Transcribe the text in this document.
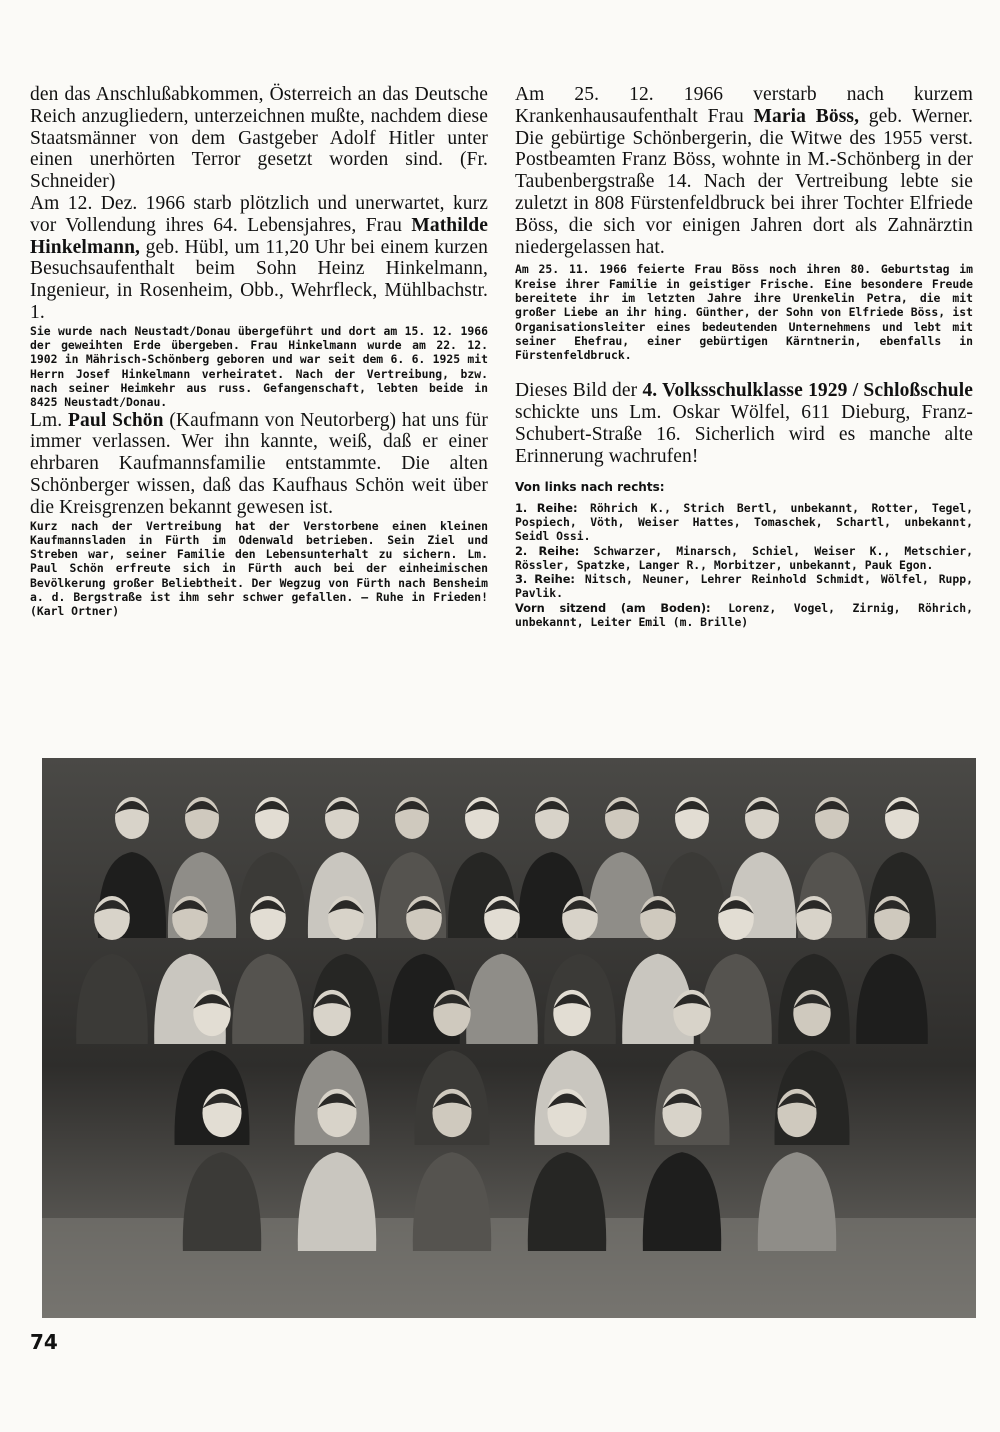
den das Anschlußabkommen, Österreich an das Deutsche Reich anzugliedern, unterzeichnen mußte, nachdem diese Staatsmänner von dem Gastgeber Adolf Hitler unter einen unerhörten Terror gesetzt worden sind. (Fr. Schneider)

Am 12. Dez. 1966 starb plötzlich und unerwartet, kurz vor Vollendung ihres 64. Lebensjahres, Frau Mathilde Hinkelmann, geb. Hübl, um 11,20 Uhr bei einem kurzen Besuchsaufenthalt beim Sohn Heinz Hinkelmann, Ingenieur, in Rosenheim, Obb., Wehrfleck, Mühlbachstr. 1.

Sie wurde nach Neustadt/Donau übergeführt und dort am 15. 12. 1966 der geweihten Erde übergeben. Frau Hinkelmann wurde am 22. 12. 1902 in Mährisch-Schönberg geboren und war seit dem 6. 6. 1925 mit Herrn Josef Hinkelmann verheiratet. Nach der Vertreibung, bzw. nach seiner Heimkehr aus russ. Gefangenschaft, lebten beide in 8425 Neustadt/Donau.

Lm. Paul Schön (Kaufmann von Neutorberg) hat uns für immer verlassen. Wer ihn kannte, weiß, daß er einer ehrbaren Kaufmannsfamilie entstammte. Die alten Schönberger wissen, daß das Kaufhaus Schön weit über die Kreisgrenzen bekannt gewesen ist.

Kurz nach der Vertreibung hat der Verstorbene einen kleinen Kaufmannsladen in Fürth im Odenwald betrieben. Sein Ziel und Streben war, seiner Familie den Lebensunterhalt zu sichern. Lm. Paul Schön erfreute sich in Fürth auch bei der einheimischen Bevölkerung großer Beliebtheit. Der Wegzug von Fürth nach Bensheim a. d. Bergstraße ist ihm sehr schwer gefallen. — Ruhe in Frieden! (Karl Ortner)

Am 25. 12. 1966 verstarb nach kurzem Krankenhausaufenthalt Frau Maria Böss, geb. Werner. Die gebürtige Schönbergerin, die Witwe des 1955 verst. Postbeamten Franz Böss, wohnte in M.-Schönberg in der Taubenbergstraße 14. Nach der Vertreibung lebte sie zuletzt in 808 Fürstenfeldbruck bei ihrer Tochter Elfriede Böss, die sich vor einigen Jahren dort als Zahnärztin niedergelassen hat.

Am 25. 11. 1966 feierte Frau Böss noch ihren 80. Geburtstag im Kreise ihrer Familie in geistiger Frische. Eine besondere Freude bereitete ihr im letzten Jahre ihre Urenkelin Petra, die mit großer Liebe an ihr hing. Günther, der Sohn von Elfriede Böss, ist Organisationsleiter eines bedeutenden Unternehmens und lebt mit seiner Ehefrau, einer gebürtigen Kärntnerin, ebenfalls in Fürstenfeldbruck.

Dieses Bild der 4. Volksschulklasse 1929 / Schloßschule schickte uns Lm. Oskar Wölfel, 611 Dieburg, Franz-Schubert-Straße 16. Sicherlich wird es manche alte Erinnerung wachrufen!

Von links nach rechts:

1. Reihe: Röhrich K., Strich Bertl, unbekannt, Rotter, Tegel, Pospiech, Vöth, Weiser Hattes, Tomaschek, Schartl, unbekannt, Seidl Ossi.

2. Reihe: Schwarzer, Minarsch, Schiel, Weiser K., Metschier, Rössler, Spatzke, Langer R., Morbitzer, unbekannt, Pauk Egon.

3. Reihe: Nitsch, Neuner, Lehrer Reinhold Schmidt, Wölfel, Rupp, Pavlik.

Vorn sitzend (am Boden): Lorenz, Vogel, Zirnig, Röhrich, unbekannt, Leiter Emil (m. Brille)

74
